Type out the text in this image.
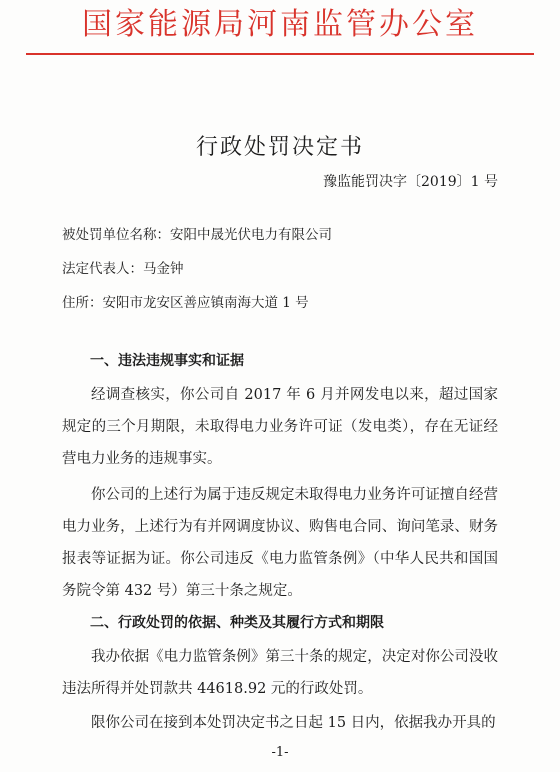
国家能源局河南监管办公室
行政处罚决定书
豫监能罚决字〔2019〕1 号
被处罚单位名称：安阳中晟光伏电力有限公司
法定代表人：马金钟
住所：安阳市龙安区善应镇南海大道 1 号
一、违法违规事实和证据

经调查核实，你公司自 2017 年 6 月并网发电以来，超过国家规定的三个月期限，未取得电力业务许可证（发电类），存在无证经营电力业务的违规事实。

你公司的上述行为属于违反规定未取得电力业务许可证擅自经营电力业务，上述行为有并网调度协议、购售电合同、询问笔录、财务报表等证据为证。你公司违反《电力监管条例》（中华人民共和国国务院令第 432 号）第三十条之规定。

二、行政处罚的依据、种类及其履行方式和期限

我办依据《电力监管条例》第三十条的规定，决定对你公司没收违法所得并处罚款共 44618.92 元的行政处罚。

限你公司在接到本处罚决定书之日起 15 日内，依据我办开具的

-1-
